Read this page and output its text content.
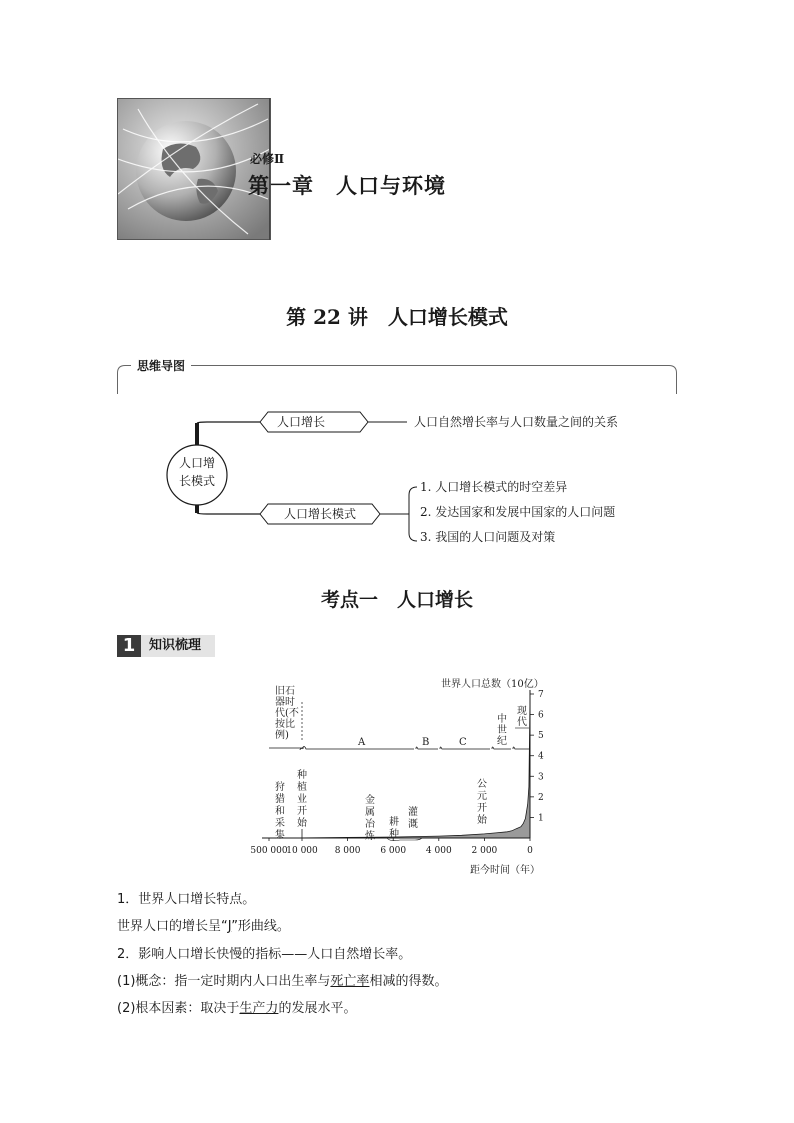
必修Ⅱ
第一章　人口与环境
第 22 讲　人口增长模式
思维导图
人口增
长模式
人口增长	人口自然增长率与人口数量之间的关系
人口增长模式
1. 人口增长模式的时空差异
2. 发达国家和发展中国家的人口问题
3. 我国的人口问题及对策
考点一　人口增长
1	知识梳理
世界人口总数（10亿）
旧石器时代(不按比例)
A	B	C
中世纪
现代
狩猎和采集
种植业开始
金属冶炼
耕种
灌溉
公元开始
距今时间（年）
500 000
10 000 8 000 6 000 4 000 2 000	0
1
2
3
4
5
6
7
1．世界人口增长特点。
世界人口的增长呈“J”形曲线。
2．影响人口增长快慢的指标——人口自然增长率。
(1)概念：指一定时期内人口出生率与死亡率相减的得数。
(2)根本因素：取决于生产力的发展水平。
